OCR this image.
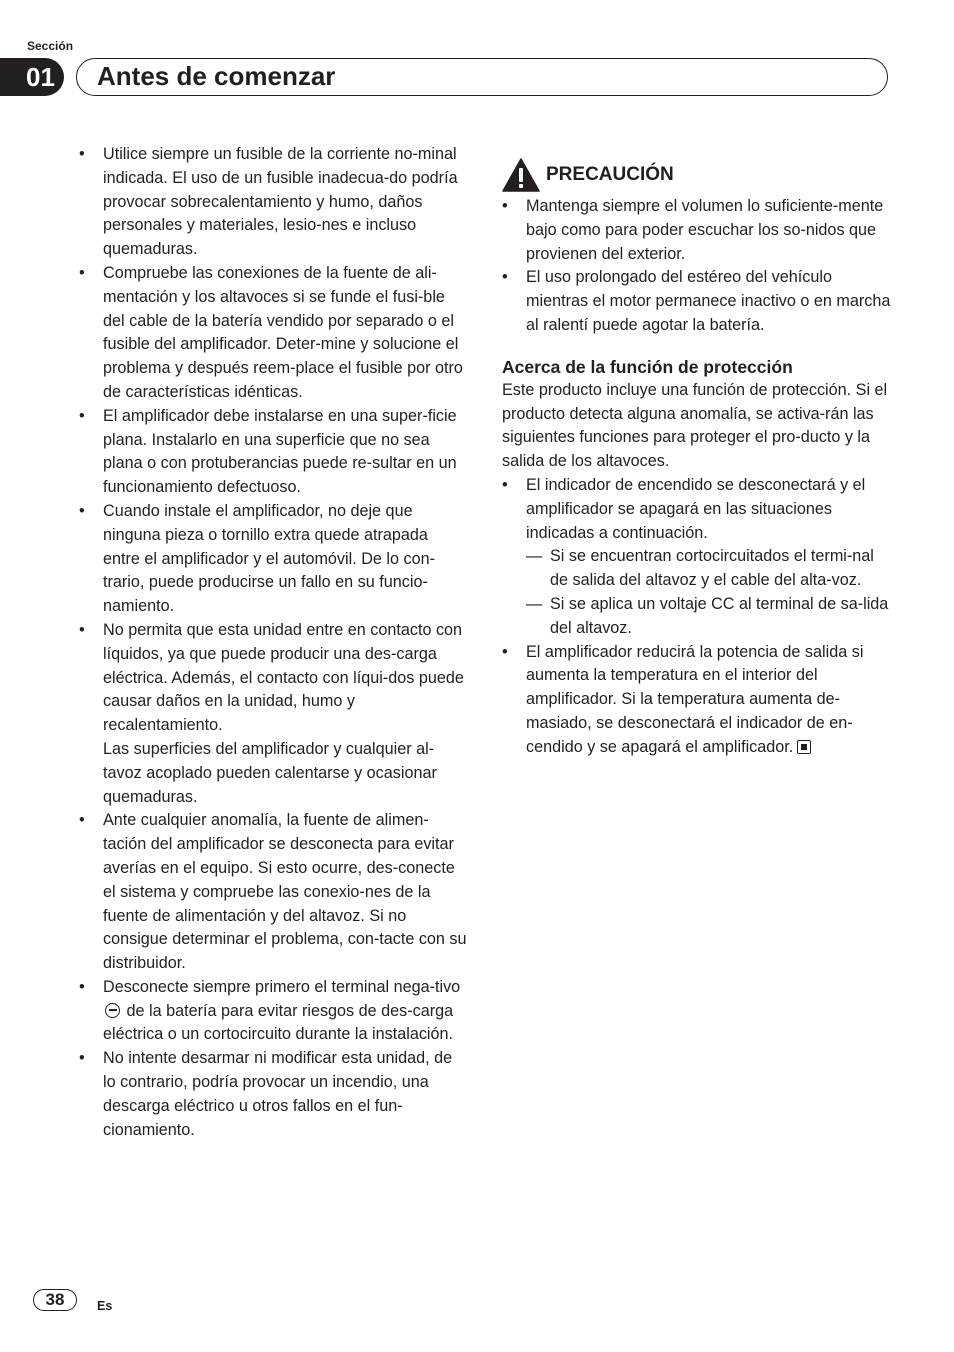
Sección
01	Antes de comenzar
• Utilice siempre un fusible de la corriente no-minal indicada. El uso de un fusible inadecua-do podría provocar sobrecalentamiento y humo, daños personales y materiales, lesio-nes e incluso quemaduras.
• Compruebe las conexiones de la fuente de ali-mentación y los altavoces si se funde el fusi-ble del cable de la batería vendido por separado o el fusible del amplificador. Deter-mine y solucione el problema y después reem-place el fusible por otro de características idénticas.
• El amplificador debe instalarse en una super-ficie plana. Instalarlo en una superficie que no sea plana o con protuberancias puede re-sultar en un funcionamiento defectuoso.
• Cuando instale el amplificador, no deje que ninguna pieza o tornillo extra quede atrapada entre el amplificador y el automóvil. De lo con-trario, puede producirse un fallo en su funcio-namiento.
• No permita que esta unidad entre en contacto con líquidos, ya que puede producir una des-carga eléctrica. Además, el contacto con líqui-dos puede causar daños en la unidad, humo y recalentamiento.
Las superficies del amplificador y cualquier al-tavoz acoplado pueden calentarse y ocasionar quemaduras.
• Ante cualquier anomalía, la fuente de alimen-tación del amplificador se desconecta para evitar averías en el equipo. Si esto ocurre, des-conecte el sistema y compruebe las conexio-nes de la fuente de alimentación y del altavoz. Si no consigue determinar el problema, con-tacte con su distribuidor.
• Desconecte siempre primero el terminal nega-tivo  de la batería para evitar riesgos de des-carga eléctrica o un cortocircuito durante la instalación.
• No intente desarmar ni modificar esta unidad, de lo contrario, podría provocar un incendio, una descarga eléctrico u otros fallos en el fun-cionamiento.
PRECAUCIÓN
• Mantenga siempre el volumen lo suficiente-mente bajo como para poder escuchar los so-nidos que provienen del exterior.
• El uso prolongado del estéreo del vehículo mientras el motor permanece inactivo o en marcha al ralentí puede agotar la batería.
Acerca de la función de protección

Este producto incluye una función de protección. Si el producto detecta alguna anomalía, se activa-rán las siguientes funciones para proteger el pro-ducto y la salida de los altavoces.

• El indicador de encendido se desconectará y el amplificador se apagará en las situaciones indicadas a continuación.
— Si se encuentran cortocircuitados el termi-nal de salida del altavoz y el cable del alta-voz.
— Si se aplica un voltaje CC al terminal de sa-lida del altavoz.
• El amplificador reducirá la potencia de salida si aumenta la temperatura en el interior del amplificador. Si la temperatura aumenta de-masiado, se desconectará el indicador de en-cendido y se apagará el amplificador.
38	Es
